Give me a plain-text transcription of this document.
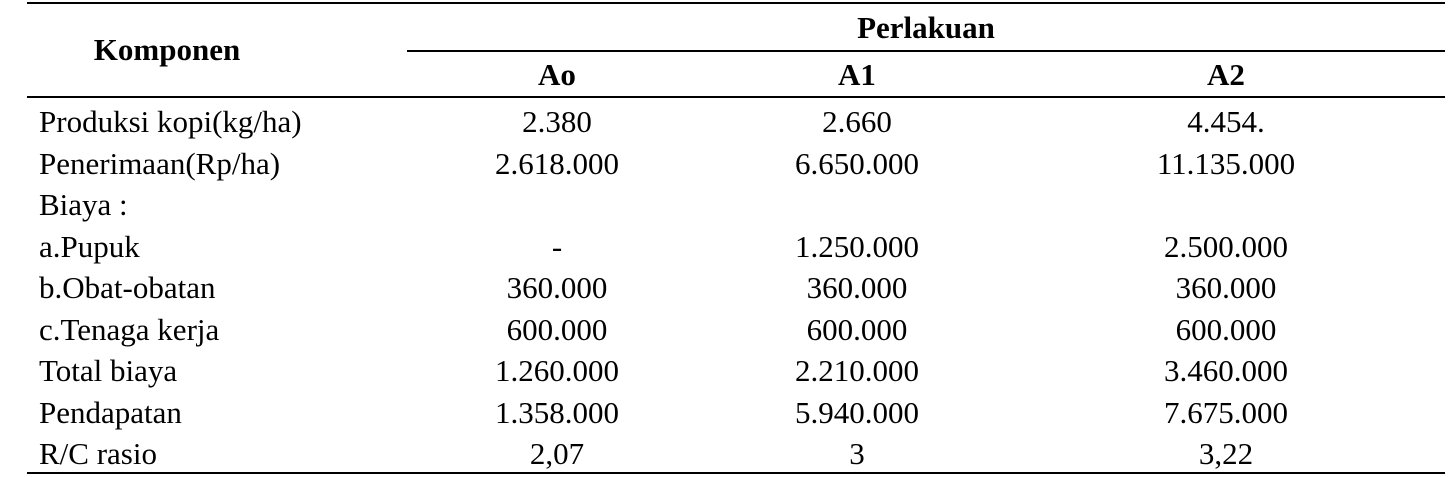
Komponen
Perlakuan
Ao	A1	A2
Produksi kopi(kg/ha)	2.380	2.660	4.454.
Penerimaan(Rp/ha)	2.618.000	6.650.000	11.135.000
Biaya :
a.Pupuk	-	1.250.000	2.500.000
b.Obat-obatan	360.000	360.000	360.000
c.Tenaga kerja	600.000	600.000	600.000
Total biaya	1.260.000	2.210.000	3.460.000
Pendapatan	1.358.000	5.940.000	7.675.000
R/C rasio	2,07	3	3,22
